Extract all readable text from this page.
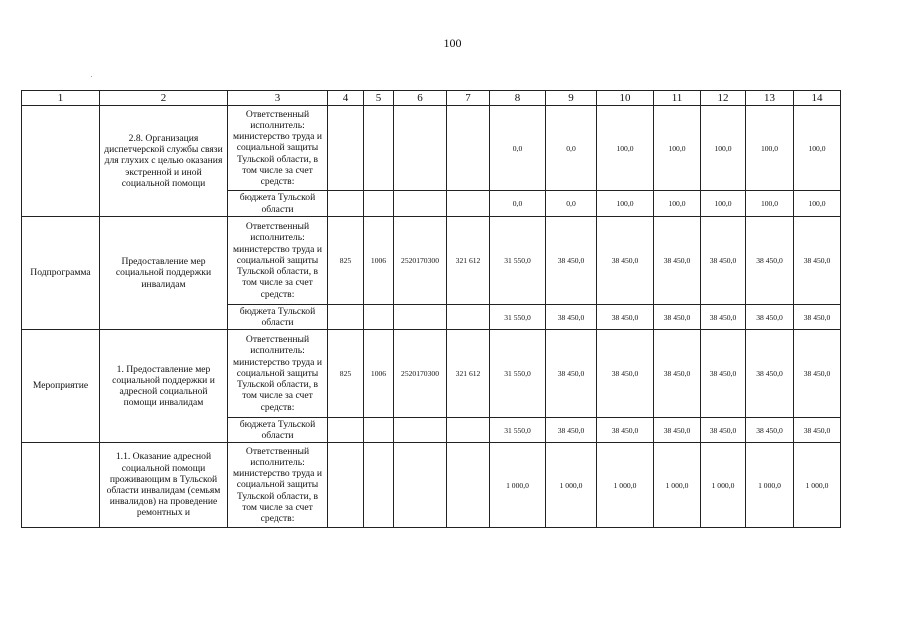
100
1	2	3	4	5	6	7	8	9	10	11	12	13	14
	2.8. Организация диспетчерской службы связи для глухих с целью оказания экстренной и иной социальной помощи	Ответственный исполнитель: министерство труда и социальной защиты Тульской области, в том числе за счет средств:					0,0	0,0	100,0	100,0	100,0	100,0	100,0
		бюджета Тульской области					0,0	0,0	100,0	100,0	100,0	100,0	100,0
Подпрограмма	Предоставление мер социальной поддержки инвалидам	Ответственный исполнитель: министерство труда и социальной защиты Тульской области, в том числе за счет средств:	825	1006	2520170300	321 612	31 550,0	38 450,0	38 450,0	38 450,0	38 450,0	38 450,0	38 450,0
		бюджета Тульской области					31 550,0	38 450,0	38 450,0	38 450,0	38 450,0	38 450,0	38 450,0
Мероприятие	1. Предоставление мер социальной поддержки и адресной социальной помощи инвалидам	Ответственный исполнитель: министерство труда и социальной защиты Тульской области, в том числе за счет средств:	825	1006	2520170300	321 612	31 550,0	38 450,0	38 450,0	38 450,0	38 450,0	38 450,0	38 450,0
		бюджета Тульской области					31 550,0	38 450,0	38 450,0	38 450,0	38 450,0	38 450,0	38 450,0
	1.1. Оказание адресной социальной помощи проживающим в Тульской области инвалидам (семьям инвалидов) на проведение ремонтных и	Ответственный исполнитель: министерство труда и социальной защиты Тульской области, в том числе за счет средств:					1 000,0	1 000,0	1 000,0	1 000,0	1 000,0	1 000,0	1 000,0
